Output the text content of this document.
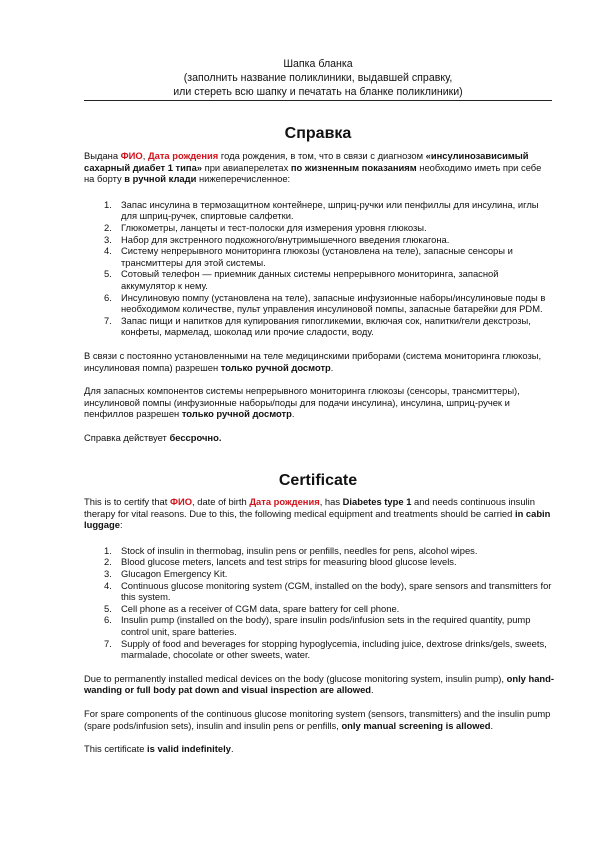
Шапка бланка
(заполнить название поликлиники, выдавшей справку,
или стереть всю шапку и печатать на бланке поликлиники)
Справка

Выдана ФИО, Дата рождения года рождения, в том, что в связи с диагнозом «инсулинозависимый сахарный диабет 1 типа» при авиаперелетах по жизненным показаниям необходимо иметь при себе на борту в ручной клади нижеперечисленное:

1. Запас инсулина в термозащитном контейнере, шприц-ручки или пенфиллы для инсулина, иглы для шприц-ручек, спиртовые салфетки.
2. Глюкометры, ланцеты и тест-полоски для измерения уровня глюкозы.
3. Набор для экстренного подкожного/внутримышечного введения глюкагона.
4. Систему непрерывного мониторинга глюкозы (установлена на теле), запасные сенсоры и трансмиттеры для этой системы.
5. Сотовый телефон — приемник данных системы непрерывного мониторинга, запасной аккумулятор к нему.
6. Инсулиновую помпу (установлена на теле), запасные инфузионные наборы/инсулиновые поды в необходимом количестве, пульт управления инсулиновой помпы, запасные батарейки для PDM.
7. Запас пищи и напитков для купирования гипогликемии, включая сок, напитки/гели декстрозы, конфеты, мармелад, шоколад или прочие сладости, воду.

В связи с постоянно установленными на теле медицинскими приборами (система мониторинга глюкозы, инсулиновая помпа) разрешен только ручной досмотр.

Для запасных компонентов системы непрерывного мониторинга глюкозы (сенсоры, трансмиттеры), инсулиновой помпы (инфузионные наборы/поды для подачи инсулина), инсулина, шприц-ручек и пенфиллов разрешен только ручной досмотр.

Справка действует бессрочно.

Certificate

This is to certify that ФИО, date of birth Дата рождения, has Diabetes type 1 and needs continuous insulin therapy for vital reasons. Due to this, the following medical equipment and treatments should be carried in cabin luggage:

1. Stock of insulin in thermobag, insulin pens or penfills, needles for pens, alcohol wipes.
2. Blood glucose meters, lancets and test strips for measuring blood glucose levels.
3. Glucagon Emergency Kit.
4. Continuous glucose monitoring system (CGM, installed on the body), spare sensors and transmitters for this system.
5. Cell phone as a receiver of CGM data, spare battery for cell phone.
6. Insulin pump (installed on the body), spare insulin pods/infusion sets in the required quantity, pump control unit, spare batteries.
7. Supply of food and beverages for stopping hypoglycemia, including juice, dextrose drinks/gels, sweets, marmalade, chocolate or other sweets, water.

Due to permanently installed medical devices on the body (glucose monitoring system, insulin pump), only hand-wanding or full body pat down and visual inspection are allowed.

For spare components of the continuous glucose monitoring system (sensors, transmitters) and the insulin pump (spare pods/infusion sets), insulin and insulin pens or penfills, only manual screening is allowed.

This certificate is valid indefinitely.
